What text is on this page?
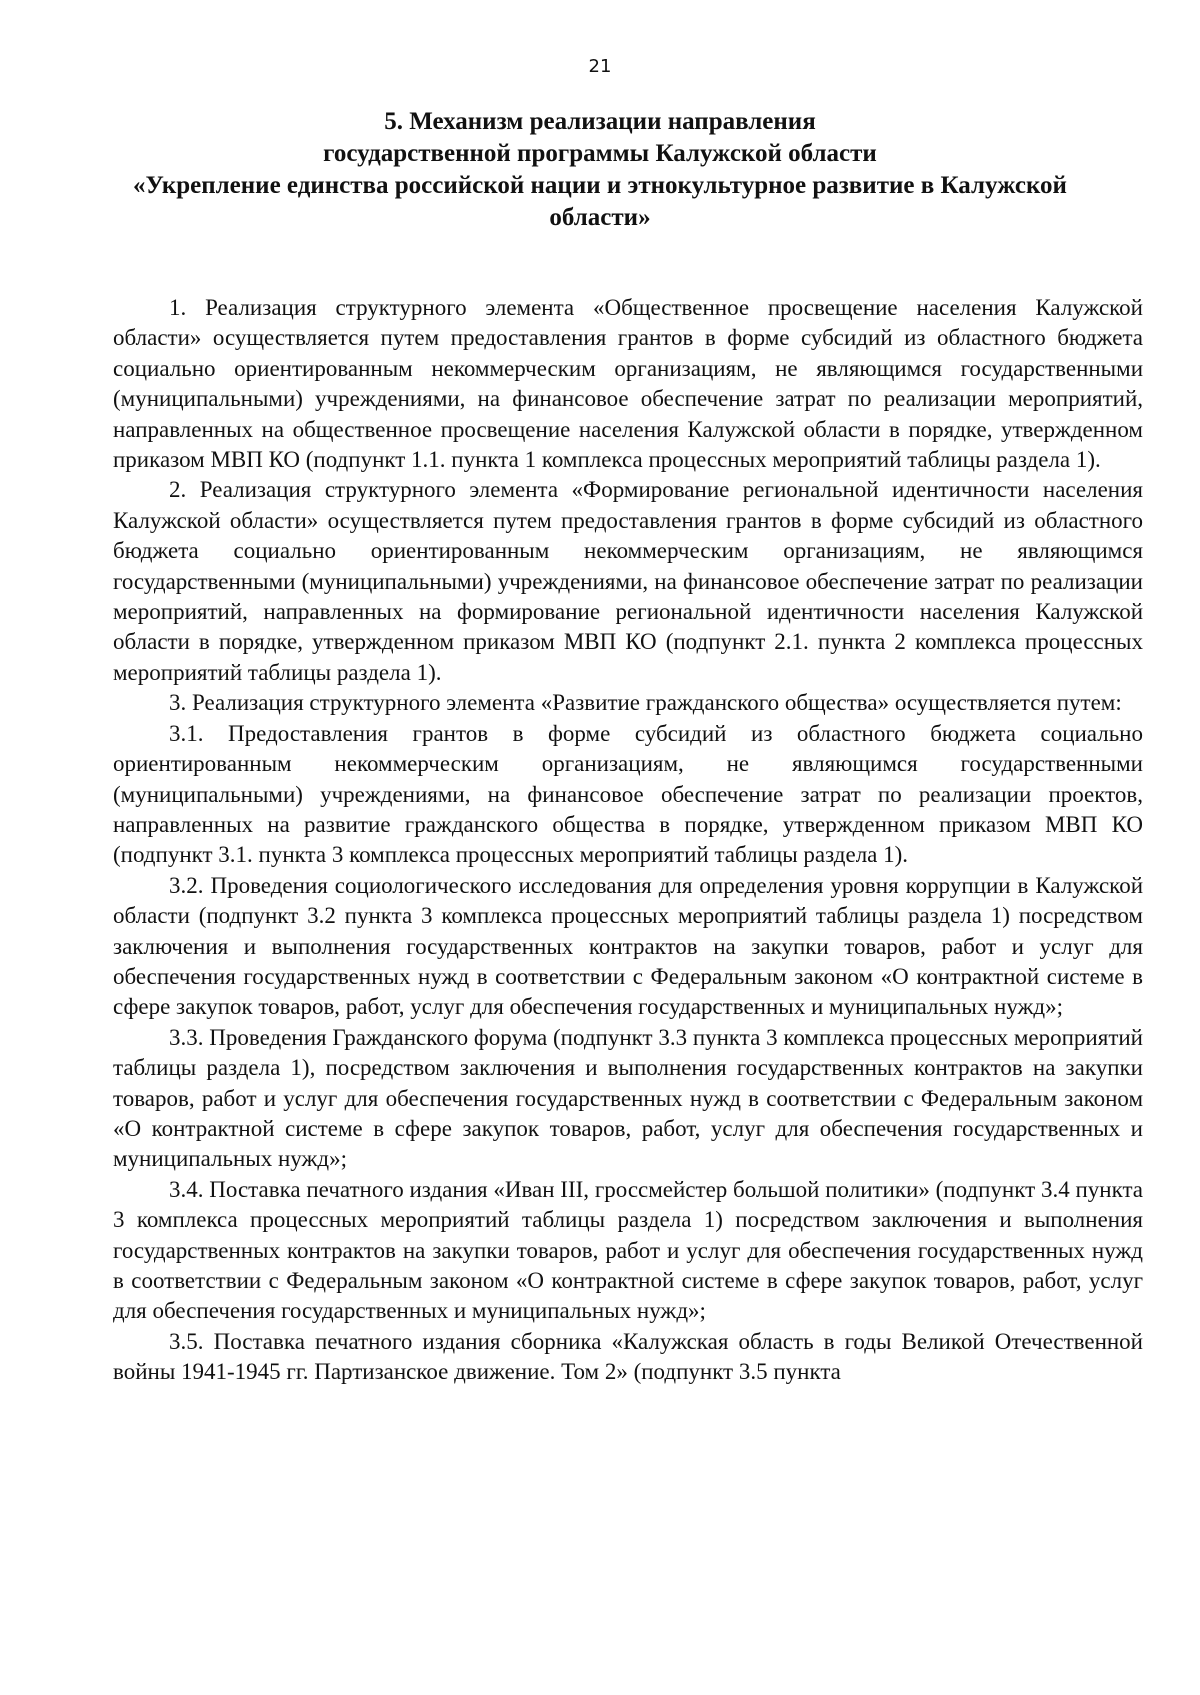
21
5. Механизм реализации направления
государственной программы Калужской области
«Укрепление единства российской нации и этнокультурное развитие в Калужской
области»

1. Реализация структурного элемента «Общественное просвещение населения Калужской области» осуществляется путем предоставления грантов в форме субсидий из областного бюджета социально ориентированным некоммерческим организациям, не являющимся государственными (муниципальными) учреждениями, на финансовое обеспечение затрат по реализации мероприятий, направленных на общественное просвещение населения Калужской области в порядке, утвержденном приказом МВП КО (подпункт 1.1. пункта 1 комплекса процессных мероприятий таблицы раздела 1).

2. Реализация структурного элемента «Формирование региональной идентичности населения Калужской области» осуществляется путем предоставления грантов в форме субсидий из областного бюджета социально ориентированным некоммерческим организациям, не являющимся государственными (муниципальными) учреждениями, на финансовое обеспечение затрат по реализации мероприятий, направленных на формирование региональной идентичности населения Калужской области в порядке, утвержденном приказом МВП КО (подпункт 2.1. пункта 2 комплекса процессных мероприятий таблицы раздела 1).

3. Реализация структурного элемента «Развитие гражданского общества» осуществляется путем:

3.1. Предоставления грантов в форме субсидий из областного бюджета социально ориентированным некоммерческим организациям, не являющимся государственными (муниципальными) учреждениями, на финансовое обеспечение затрат по реализации проектов, направленных на развитие гражданского общества в порядке, утвержденном приказом МВП КО (подпункт 3.1. пункта 3 комплекса процессных мероприятий таблицы раздела 1).

3.2. Проведения социологического исследования для определения уровня коррупции в Калужской области (подпункт 3.2 пункта 3 комплекса процессных мероприятий таблицы раздела 1) посредством заключения и выполнения государственных контрактов на закупки товаров, работ и услуг для обеспечения государственных нужд в соответствии с Федеральным законом «О контрактной системе в сфере закупок товаров, работ, услуг для обеспечения государственных и муниципальных нужд»;

3.3. Проведения Гражданского форума (подпункт 3.3 пункта 3 комплекса процессных мероприятий таблицы раздела 1), посредством заключения и выполнения государственных контрактов на закупки товаров, работ и услуг для обеспечения государственных нужд в соответствии с Федеральным законом «О контрактной системе в сфере закупок товаров, работ, услуг для обеспечения государственных и муниципальных нужд»;

3.4. Поставка печатного издания «Иван III, гроссмейстер большой политики» (подпункт 3.4 пункта 3 комплекса процессных мероприятий таблицы раздела 1) посредством заключения и выполнения государственных контрактов на закупки товаров, работ и услуг для обеспечения государственных нужд в соответствии с Федеральным законом «О контрактной системе в сфере закупок товаров, работ, услуг для обеспечения государственных и муниципальных нужд»;

3.5. Поставка печатного издания сборника «Калужская область в годы Великой Отечественной войны 1941-1945 гг. Партизанское движение. Том 2» (подпункт 3.5 пункта
